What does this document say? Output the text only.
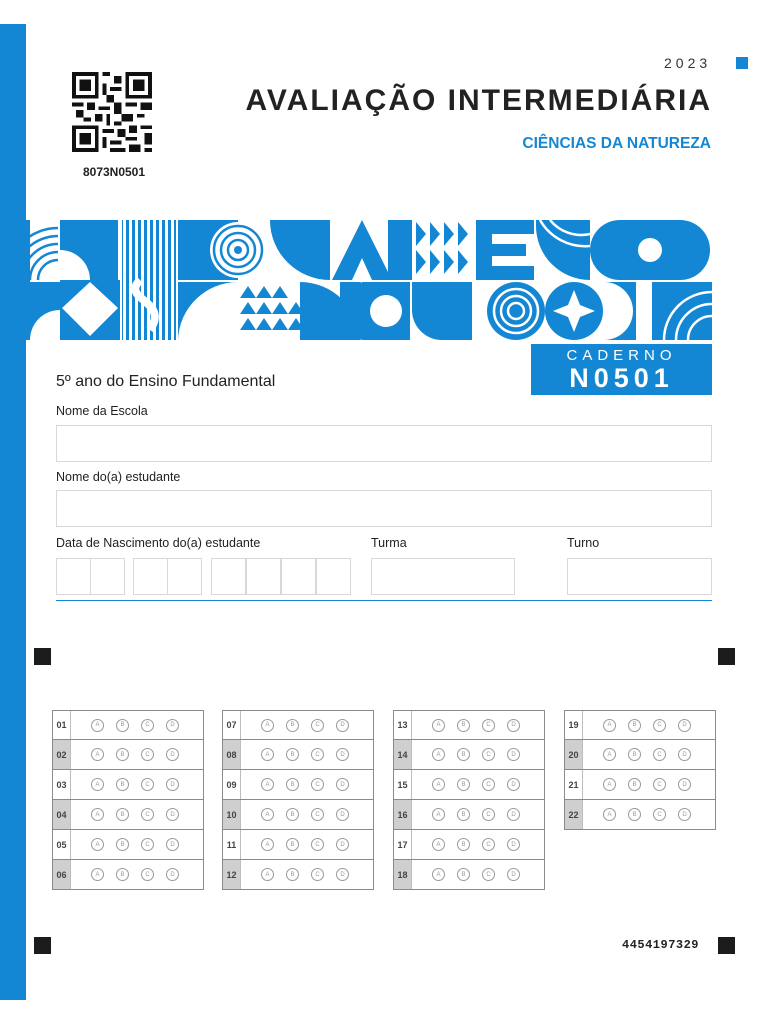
8073N0501
2023
AVALIAÇÃO INTERMEDIÁRIA
CIÊNCIAS DA NATUREZA
CADERNO
N0501
5º ano do Ensino Fundamental
Nome da Escola
Nome do(a) estudante
Data de Nascimento do(a) estudante	Turma	Turno
01	A	B	C	D
02	A	B	C	D
03	A	B	C	D
04	A	B	C	D
05	A	B	C	D
06	A	B	C	D
07	A	B	C	D
08	A	B	C	D
09	A	B	C	D
10	A	B	C	D
11	A	B	C	D
12	A	B	C	D
13	A	B	C	D
14	A	B	C	D
15	A	B	C	D
16	A	B	C	D
17	A	B	C	D
18	A	B	C	D
19	A	B	C	D
20	A	B	C	D
21	A	B	C	D
22	A	B	C	D
4454197329
